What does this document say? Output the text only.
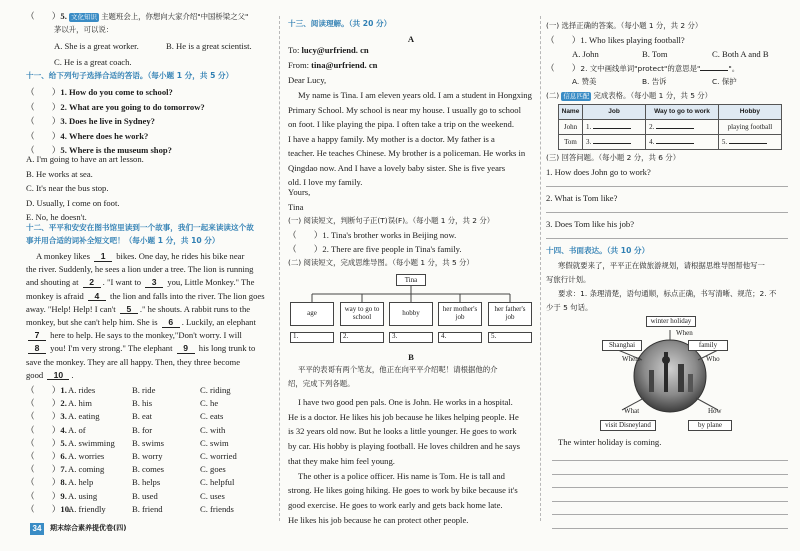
（　　）5. 文化知识 主题班会上，你想向大家介绍"中国桥梁之父"
茅以升，可以说：
A. She is a great worker.	B. He is a great scientist.
C. He is a great coach.
十一、给下列句子选择合适的答语。（每小题 1 分，共 5 分）
（　　）1. How do you come to school?
（　　）2. What are you going to do tomorrow?
（　　）3. Does he live in Sydney?
（　　）4. Where does he work?
（　　）5. Where is the museum shop?
A. I'm going to have an art lesson.
B. He works at sea.
C. It's near the bus stop.
D. Usually, I come on foot.
E. No, he doesn't.
十二、平平和安安在图书馆里读到一个故事，我们一起来读读这个故
事并用合适的词补全短文吧！（每小题 1 分，共 10 分）
A monkey likes 1 bikes. One day, he rides his bike near
the river. Suddenly, he sees a lion under a tree. The lion is running
and shouting at 2 . "I want to 3 you, Little Monkey." The
monkey is afraid 4 the lion and falls into the river. The lion goes
away. "Help! Help! I can't 5 ." he shouts. A rabbit runs to the
monkey, but she can't help him. She is 6 . Luckily, an elephant
7 here to help. He says to the monkey,"Don't worry. I will
8 you! I'm very strong." The elephant 9 his long trunk to
save the monkey. They are all happy. Then, they three become
good 10 .
（　　）1. A. rides	B. ride	C. riding
（　　）2. A. him	B. his	C. he
（　　）3. A. eating	B. eat	C. eats
（　　）4. A. of	B. for	C. with
（　　）5. A. swimming B. swims	C. swim
（　　）6. A. worries	B. worry	C. worried
（　　）7. A. coming	B. comes	C. goes
（　　）8. A. help	B. helps	C. helpful
（　　）9. A. using	B. used	C. uses
（　　）10.
A. friendly	B. friend	C. friends
十三、阅读理解。（共 20 分）
A
To: lucy@urfriend. cn
From: tina@urfriend. cn
Dear Lucy,
My name is Tina. I am eleven years old. I am a student in Hongxing
Primary School. My school is near my house. I usually go to school
on foot. I like playing the pipa. I often take a trip on the weekend.
I have a happy family. My mother is a doctor. My father is a
teacher. He teaches Chinese. My brother is a policeman. He works in
Qingdao now. And I have a lovely baby sister. She is five years
old. I love my family.
Yours,
Tina
(一) 阅读短文，判断句子正(T)误(F)。（每小题 1 分，共 2 分）
（　　）1. Tina's brother works in Beijing now.
（　　）2. There are five people in Tina's family.
(二) 阅读短文，完成思维导图。（每小题 1 分，共 5 分）
Tina
age
1.
way to go to school
2.
hobby
3.
her mother's job
4.
her father's job
5.
B
平平的表哥有两个笔友，他正在向平平介绍呢！请根据他的介
绍，完成下列各题。
I have two good pen pals. One is John. He works in a hospital.
He is a doctor. He likes his job because he likes helping people. He
is 32 years old now. But he looks a little younger. He goes to work
by car. His hobby is playing football. He loves children and he says
that they make him feel young.
The other is a police officer. His name is Tom. He is tall and
strong. He likes going hiking. He goes to work by bike because it's
good exercise. He goes to work early and gets back home late.
He likes his job because he can protect other people.
(一) 选择正确的答案。（每小题 1 分，共 2 分）
（　　）1. Who likes playing football?
A. John	B. Tom	C. Both A and B
（　　）2. 文中画线单词"protect"的意思是"	"。
A. 赞美	B. 告诉	C. 保护
(二) 信息匹配 完成表格。（每小题 1 分，共 5 分）
Name	Job	Way to go to work	Hobby
John	1.	2.	playing football
Tom	3.	4.	5.
(三) 回答问题。（每小题 2 分，共 6 分）
1. How does John go to work?
2. What is Tom like?
3. Does Tom like his job?
十四、书面表达。（共 10 分）
寒假就要来了，平平正在做旅游规划，请根据思维导图帮他写一
写旅行计划。
要求：1. 条理清楚，语句通顺，标点正确，书写清晰、规范；2. 不
少于 5 句话。
winter holiday
When
Shanghai	family
Where	Who
What	How
visit Disneyland	by plane
The winter holiday is coming.
34	期末综合素养提优卷(四)
